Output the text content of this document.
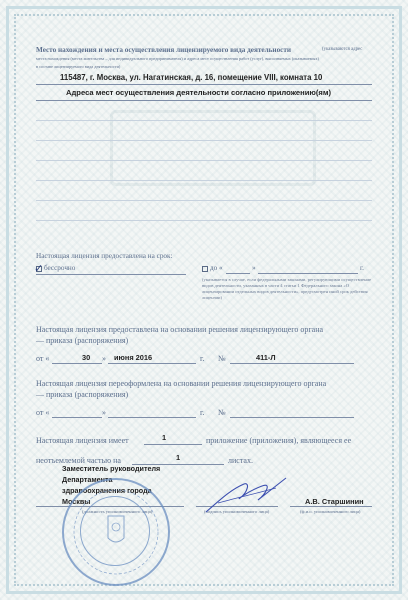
Место нахождения и места осуществления лицензируемого вида деятельности	(указываются адрес
места нахождения (места жительства – для индивидуального предпринимателя) и адреса мест осуществления работ (услуг), выполняемых (оказываемых)
в составе лицензируемого вида деятельности)
115487, г. Москва, ул. Нагатинская, д. 16, помещение VIII, комната 10
Адреса мест осуществления деятельности согласно приложению(ям)
Настоящая лицензия предоставлена на срок:
✓ бессрочно	до «	»	г.
(указывается в случае, если федеральными законами, регулирующими осуществление видов деятельности, указанных в части 4 статьи 1 Федерального закона «О лицензировании отдельных видов деятельности», предусмотрен иной срок действия лицензии)
Настоящая лицензия предоставлена на основании решения лицензирующего органа
— приказа (распоряжения)
от «	30 » июня 2016	г. №	411-Л
Настоящая лицензия переоформлена на основании решения лицензирующего органа
— приказа (распоряжения)
от «	»	г. №
Настоящая лицензия имеет	1	приложение (приложения), являющееся ее
неотъемлемой частью на	1	листах.
Заместитель руководителя
Департамента
здравоохранения города
Москвы
(должность уполномоченного лица)	(подпись уполномоченного лица)
А.В. Старшинин
(ф.и.о. уполномоченного лица)
